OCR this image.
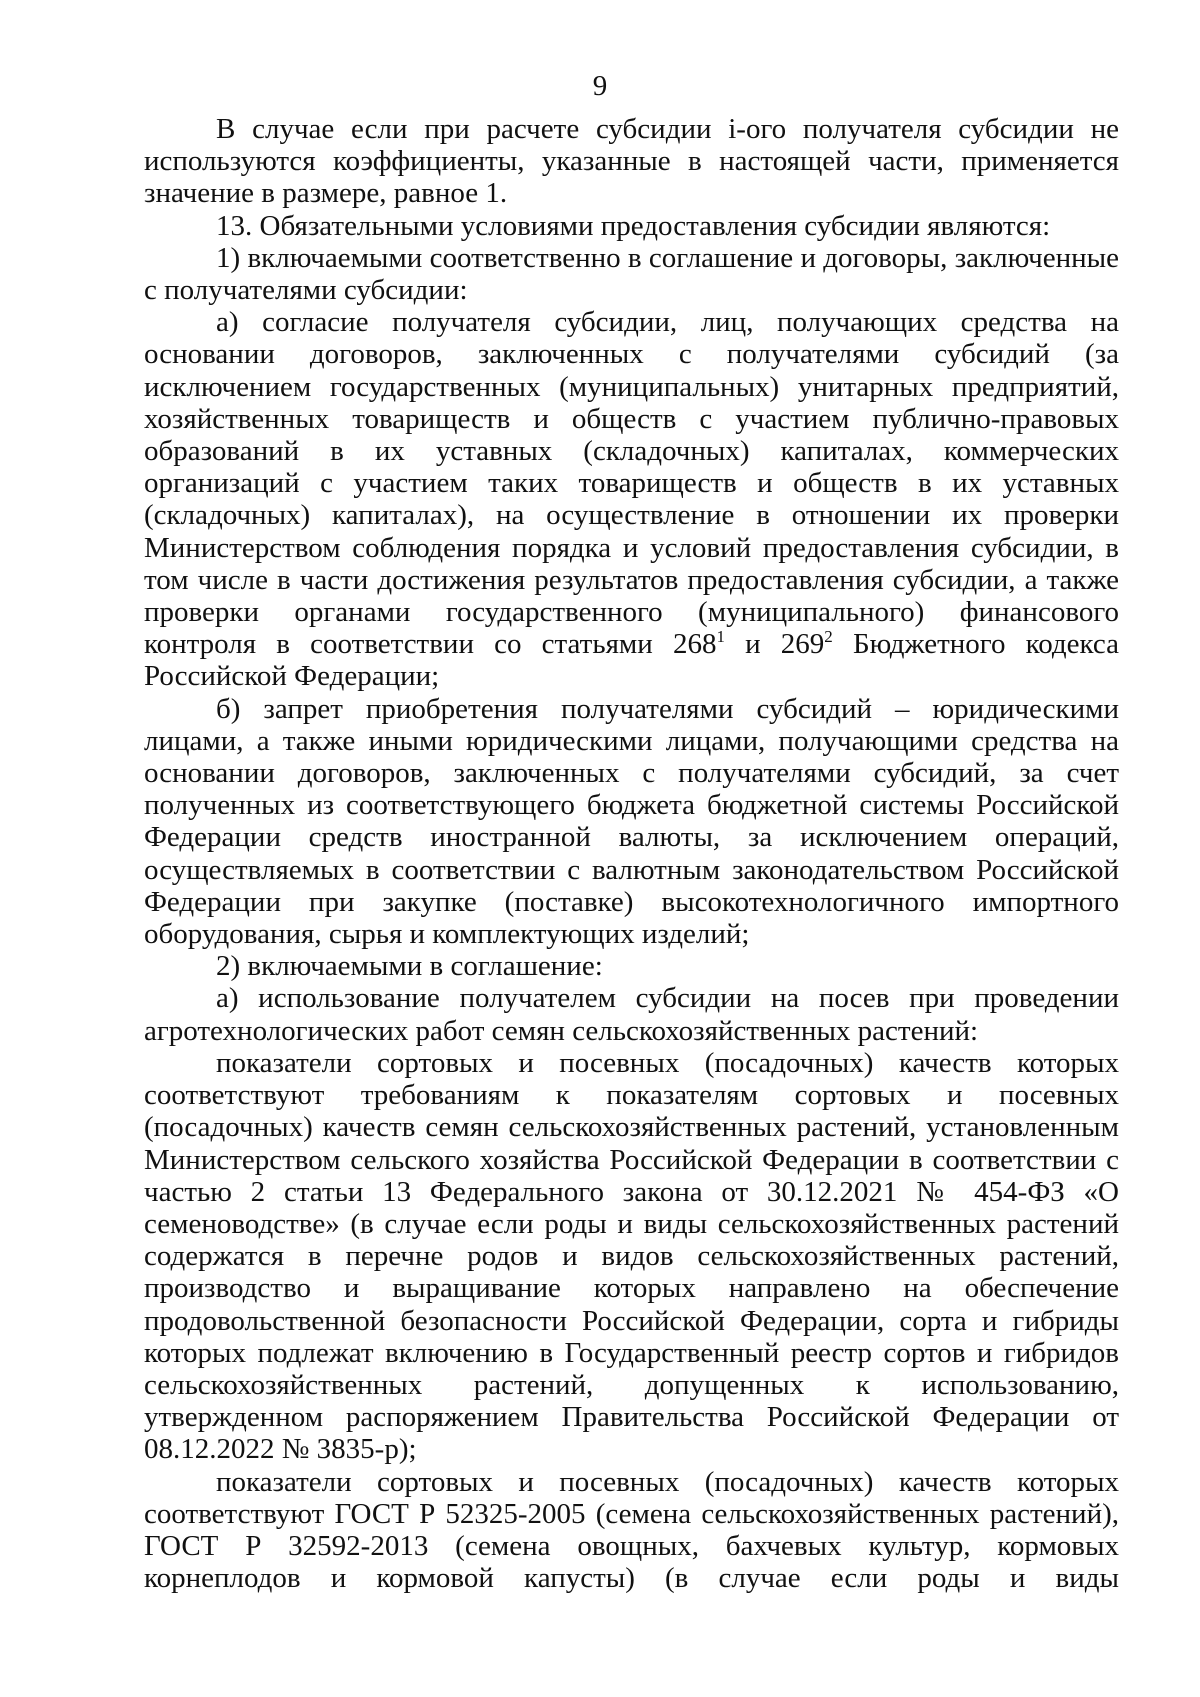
9

В случае если при расчете субсидии i-ого получателя субсидии не используются коэффициенты, указанные в настоящей части, применяется значение в размере, равное 1.

13. Обязательными условиями предоставления субсидии являются:

1) включаемыми соответственно в соглашение и договоры, заключенные с получателями субсидии:

а) согласие получателя субсидии, лиц, получающих средства на основании договоров, заключенных с получателями субсидий (за исключением государственных (муниципальных) унитарных предприятий, хозяйственных товариществ и обществ с участием публично-правовых образований в их уставных (складочных) капиталах, коммерческих организаций с участием таких товариществ и обществ в их уставных (складочных) капиталах), на осуществление в отношении их проверки Министерством соблюдения порядка и условий предоставления субсидии, в том числе в части достижения результатов предоставления субсидии, а также проверки органами государственного (муниципального) финансового контроля в соответствии со статьями $268^1$ и $269^2$ Бюджетного кодекса Российской Федерации;

б) запрет приобретения получателями субсидий – юридическими лицами, а также иными юридическими лицами, получающими средства на основании договоров, заключенных с получателями субсидий, за счет полученных из соответствующего бюджета бюджетной системы Российской Федерации средств иностранной валюты, за исключением операций, осуществляемых в соответствии с валютным законодательством Российской Федерации при закупке (поставке) высокотехнологичного импортного оборудования, сырья и комплектующих изделий;

2) включаемыми в соглашение:

а) использование получателем субсидии на посев при проведении агротехнологических работ семян сельскохозяйственных растений:

показатели сортовых и посевных (посадочных) качеств которых соответствуют требованиям к показателям сортовых и посевных (посадочных) качеств семян сельскохозяйственных растений, установленным Министерством сельского хозяйства Российской Федерации в соответствии с частью 2 статьи 13 Федерального закона от 30.12.2021 № 454-ФЗ «О семеноводстве» (в случае если роды и виды сельскохозяйственных растений содержатся в перечне родов и видов сельскохозяйственных растений, производство и выращивание которых направлено на обеспечение продовольственной безопасности Российской Федерации, сорта и гибриды которых подлежат включению в Государственный реестр сортов и гибридов сельскохозяйственных растений, допущенных к использованию, утвержденном распоряжением Правительства Российской Федерации от 08.12.2022 № 3835-р);

показатели сортовых и посевных (посадочных) качеств которых соответствуют ГОСТ Р 52325-2005 (семена сельскохозяйственных растений), ГОСТ Р 32592-2013 (семена овощных, бахчевых культур, кормовых корнеплодов и кормовой капусты) (в случае если роды и виды
